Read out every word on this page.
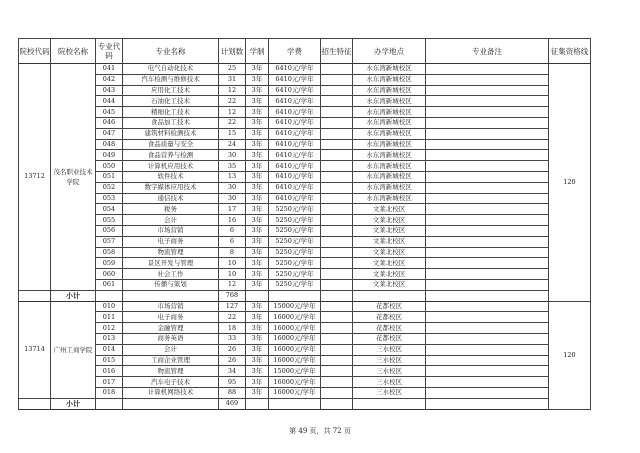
院校代码	院校名称	专业代码	专业名称	计划数	学制	学费	招生特征	办学地点	专业备注	征集资格线
13712	茂名职业技术学院	041	电气自动化技术	25	3年	6410元/学年		水东湾新城校区		120
		042	汽车检测与维修技术	31	3年	6410元/学年		水东湾新城校区		
		043	应用化工技术	12	3年	6410元/学年		水东湾新城校区		
		044	石油化工技术	22	3年	6410元/学年		水东湾新城校区		
		045	精细化工技术	12	3年	6410元/学年		水东湾新城校区		
		046	食品加工技术	22	3年	6410元/学年		水东湾新城校区		
		047	建筑材料检测技术	15	3年	6410元/学年		水东湾新城校区		
		048	食品质量与安全	24	3年	6410元/学年		水东湾新城校区		
		049	食品营养与检测	30	3年	6410元/学年		水东湾新城校区		
		050	计算机应用技术	35	3年	6410元/学年		水东湾新城校区		
		051	软件技术	13	3年	6410元/学年		水东湾新城校区		
		052	数字媒体应用技术	30	3年	6410元/学年		水东湾新城校区		
		053	通信技术	30	3年	6410元/学年		水东湾新城校区		
		054	税务	17	3年	5250元/学年		文莱北校区		
		055	会计	16	3年	5250元/学年		文莱北校区		
		056	市场营销	6	3年	5250元/学年		文莱北校区		
		057	电子商务	6	3年	5250元/学年		文莱北校区		
		058	物流管理	8	3年	5250元/学年		文莱北校区		
		059	景区开发与管理	10	3年	5250元/学年		文莱北校区		
		060	社会工作	10	3年	5250元/学年		文莱北校区		
		061	传播与策划	12	3年	5250元/学年		文莱北校区		
	小计			768						
13714	广州工商学院	010	市场营销	127	3年	15000元/学年		花都校区		120
		011	电子商务	22	3年	16000元/学年		花都校区		
		012	金融管理	18	3年	16000元/学年		花都校区		
		013	商务英语	33	3年	16000元/学年		花都校区		
		014	会计	26	3年	16000元/学年		三水校区		
		015	工商企业管理	26	3年	16000元/学年		三水校区		
		016	物流管理	34	3年	15000元/学年		三水校区		
		017	汽车电子技术	95	3年	16000元/学年		三水校区		
		018	计算机网络技术	88	3年	16000元/学年		三水校区		
	小计			469						
第 49 页，共 72 页
